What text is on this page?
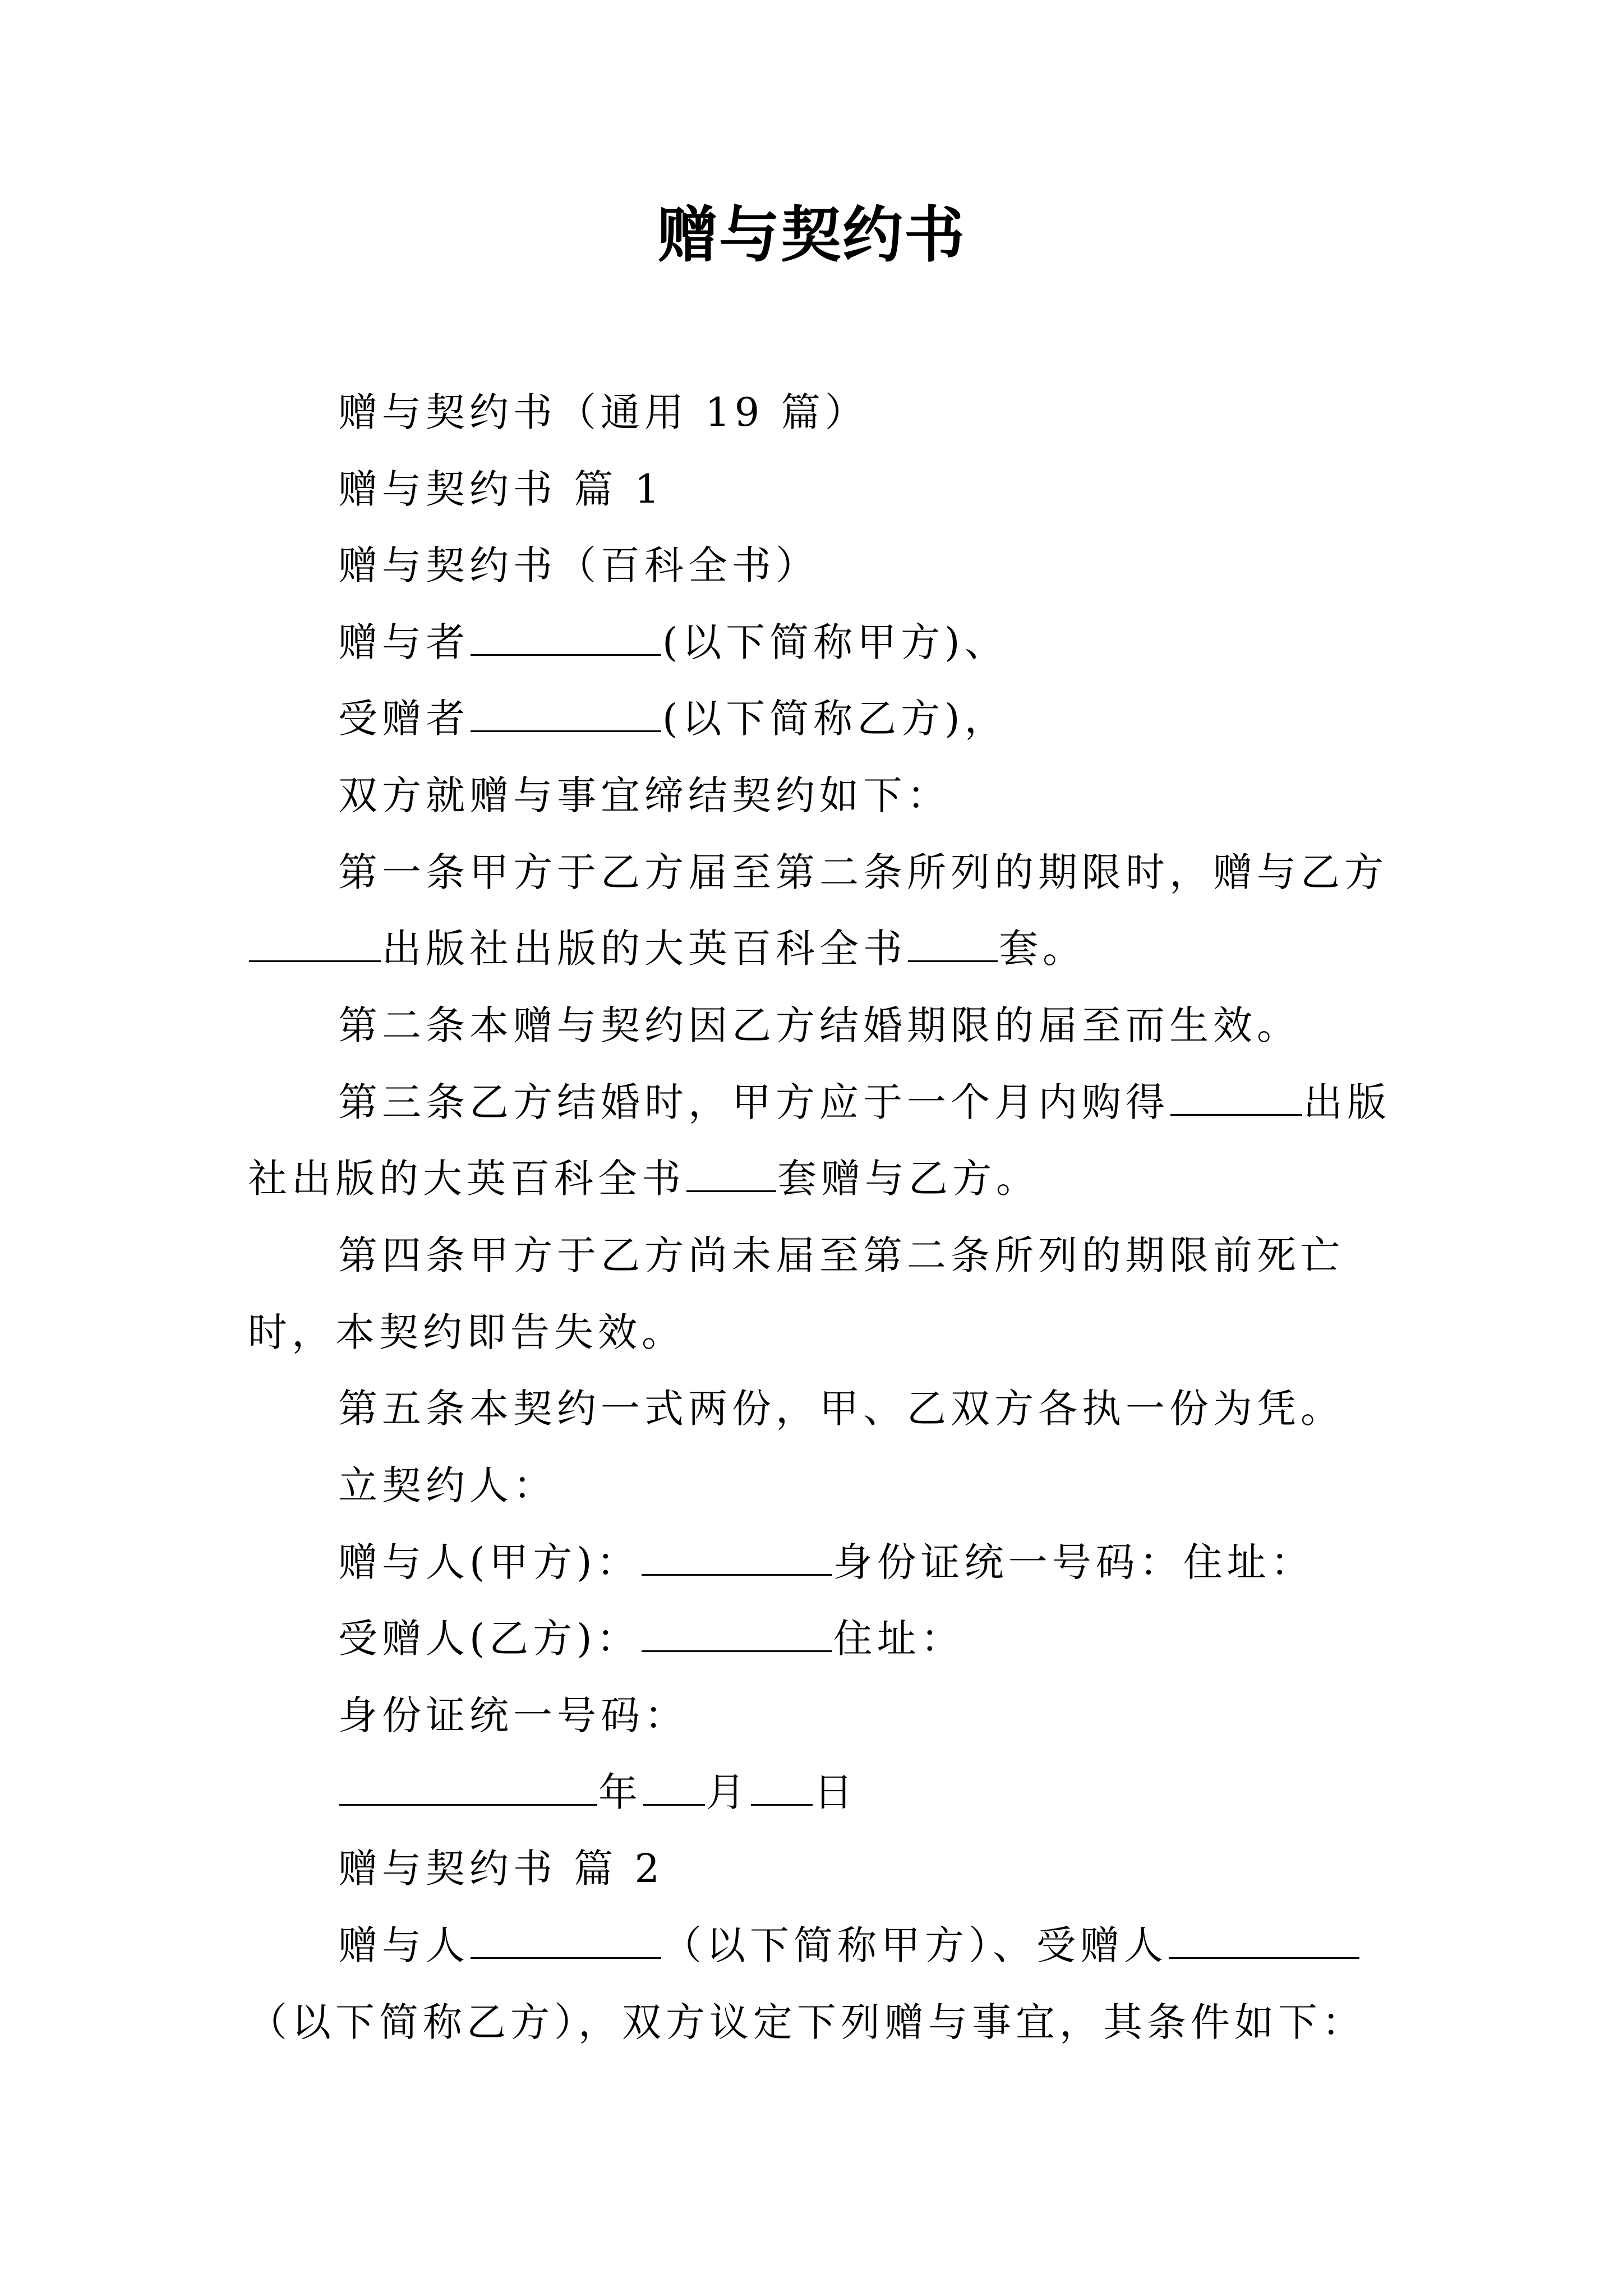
赠与契约书
赠与契约书（通用 19 篇）
赠与契约书 篇 1
赠与契约书（百科全书）
赠与者	(以下简称甲方)、
受赠者	(以下简称乙方)，
双方就赠与事宜缔结契约如下：
第一条甲方于乙方届至第二条所列的期限时，赠与乙方
出版社出版的大英百科全书 套。
第二条本赠与契约因乙方结婚期限的届至而生效。
第三条乙方结婚时，甲方应于一个月内购得	出版
社出版的大英百科全书 套赠与乙方。
第四条甲方于乙方尚未届至第二条所列的期限前死亡
时，本契约即告失效。
第五条本契约一式两份，甲、乙双方各执一份为凭。
立契约人：
赠与人(甲方)：	身份证统一号码：住址：
受赠人(乙方)：	住址：
身份证统一号码：
年 月 日
赠与契约书 篇 2
赠与人	（以下简称甲方）、受赠人
（以下简称乙方），双方议定下列赠与事宜，其条件如下：
